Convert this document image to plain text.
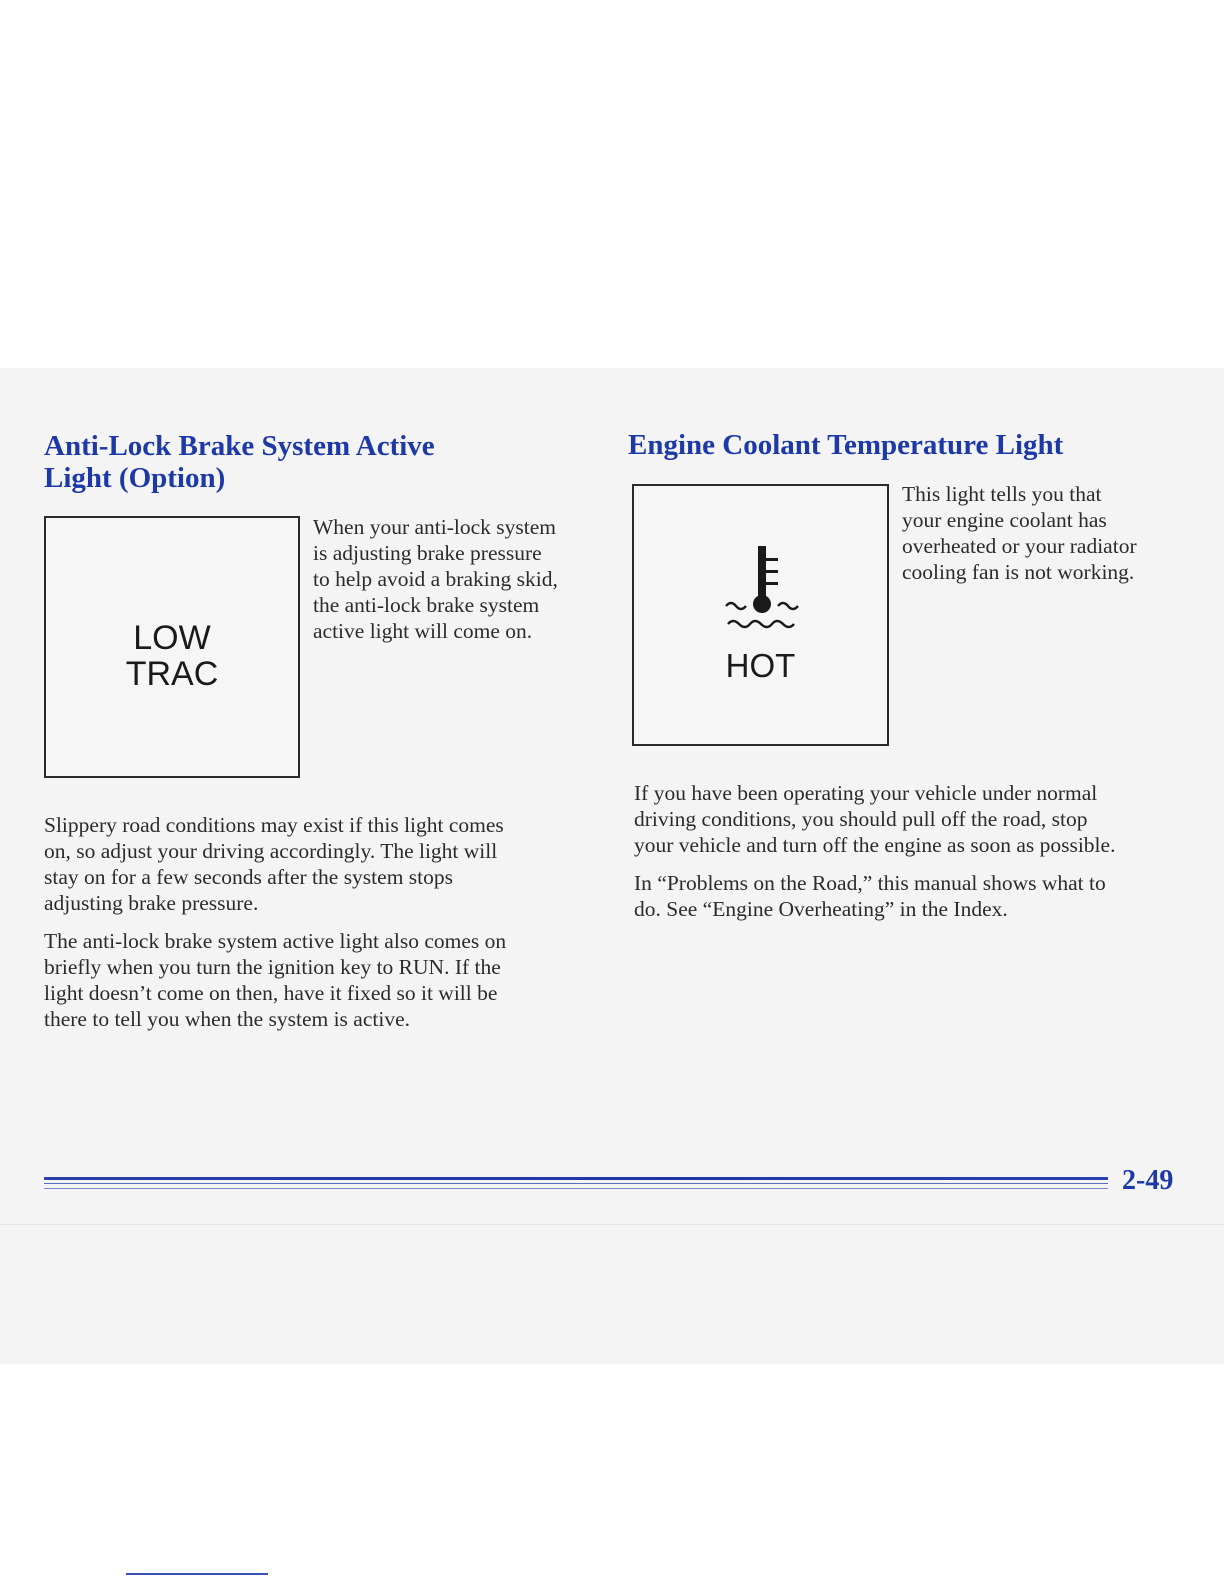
Anti-Lock Brake System Active
Light (Option)
LOW
TRAC

When your anti-lock system
is adjusting brake pressure
to help avoid a braking skid,
the anti-lock brake system
active light will come on.

Slippery road conditions may exist if this light comes
on, so adjust your driving accordingly. The light will
stay on for a few seconds after the system stops
adjusting brake pressure.

The anti-lock brake system active light also comes on
briefly when you turn the ignition key to RUN. If the
light doesn’t come on then, have it fixed so it will be
there to tell you when the system is active.

Engine Coolant Temperature Light
HOT

This light tells you that
your engine coolant has
overheated or your radiator
cooling fan is not working.

If you have been operating your vehicle under normal
driving conditions, you should pull off the road, stop
your vehicle and turn off the engine as soon as possible.

In “Problems on the Road,” this manual shows what to
do. See “Engine Overheating” in the Index.

2-49
